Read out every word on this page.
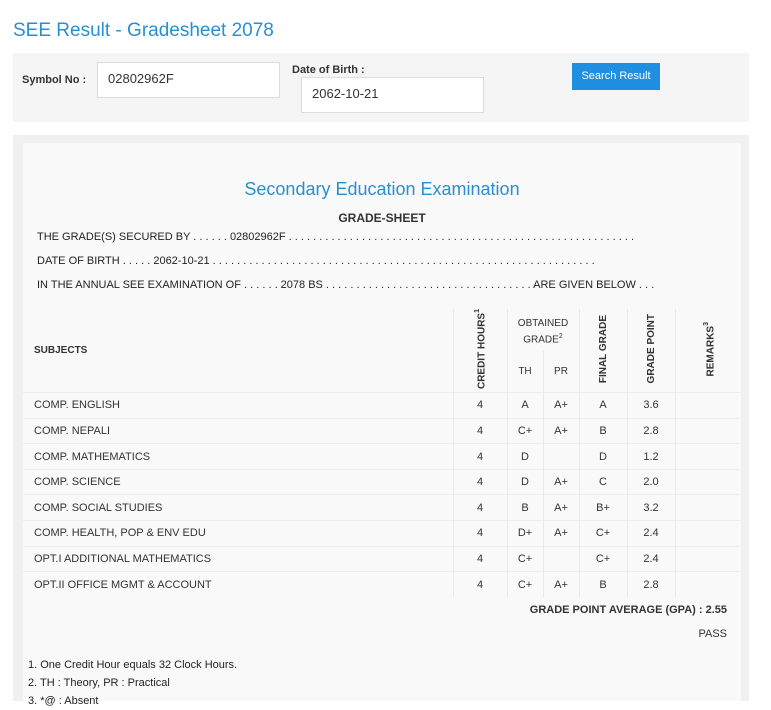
SEE Result - Gradesheet 2078
Symbol No :	02802962F
Date of Birth :
2062-10-21
Search Result
Secondary Education Examination
GRADE-SHEET
THE GRADE(S) SECURED BY . . . . . . 02802962F . . . . . . . . . . . . . . . . . . . . . . . . . . . . . . . . . . . . . . . . . . . . . . . . . . . . . . . . .
DATE OF BIRTH . . . . . 2062-10-21 . . . . . . . . . . . . . . . . . . . . . . . . . . . . . . . . . . . . . . . . . . . . . . . . . . . . . . . . . . . . . . .
IN THE ANNUAL SEE EXAMINATION OF . . . . . . 2078 BS . . . . . . . . . . . . . . . . . . . . . . . . . . . . . . . . . . ARE GIVEN BELOW . . .
SUBJECTS	CREDIT HOURS$^1$	OBTAINED GRADE$^2$		FINAL GRADE	GRADE POINT	REMARKS$^3$
		TH	PR			
COMP. ENGLISH	4	A	A+	A	3.6	
COMP. NEPALI	4	C+	A+	B	2.8	
COMP. MATHEMATICS	4	D		D	1.2	
COMP. SCIENCE	4	D	A+	C	2.0	
COMP. SOCIAL STUDIES	4	B	A+	B+	3.2	
COMP. HEALTH, POP & ENV EDU	4	D+	A+	C+	2.4	
OPT.I ADDITIONAL MATHEMATICS	4	C+		C+	2.4	
OPT.II OFFICE MGMT & ACCOUNT	4	C+	A+	B	2.8	
GRADE POINT AVERAGE (GPA) : 2.55
PASS
1. One Credit Hour equals 32 Clock Hours.
2. TH : Theory, PR : Practical
3. *@ : Absent
